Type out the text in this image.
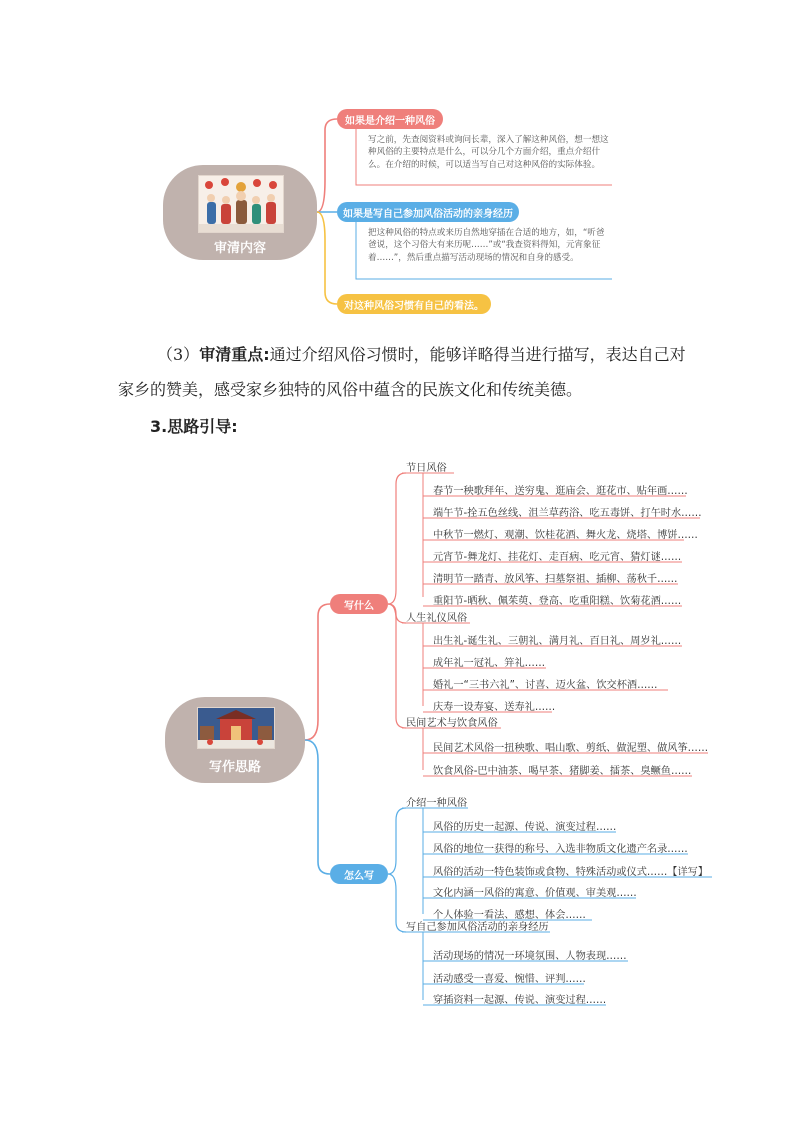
审清内容
如果是介绍一种风俗
写之前，先查阅资料或询问长辈，深入了解这种风俗，想一想这种风俗的主要特点是什么，可以分几个方面介绍，重点介绍什么。在介绍的时候，可以适当写自己对这种风俗的实际体验。
如果是写自己参加风俗活动的亲身经历
把这种风俗的特点或来历自然地穿插在合适的地方，如，“听爸爸说，这个习俗大有来历呢……”或“我查资料得知，元宵象征着……”，然后重点描写活动现场的情况和自身的感受。
对这种风俗习惯有自己的看法。
（3）审清重点:通过介绍风俗习惯时，能够详略得当进行描写，表达自己对
家乡的赞美，感受家乡独特的风俗中蕴含的民族文化和传统美德。
3.思路引导:
写作思路
写什么
怎么写
节日风俗
春节一秧歌拜年、送穷鬼、逛庙会、逛花市、贴年画……
端午节-拴五色丝线、沮兰草药浴、吃五毒饼、打午时水……
中秋节一燃灯、观潮、饮桂花酒、舞火龙、烧塔、博饼……
元宵节-舞龙灯、挂花灯、走百病、吃元宵、猜灯谜……
清明节一踏青、放风筝、扫墓祭祖、插柳、荡秋千……
重阳节-晒秋、佩茱萸、登高、吃重阳糕、饮菊花酒……
人生礼仪风俗
出生礼-诞生礼、三朝礼、满月礼、百日礼、周岁礼……
成年礼一冠礼、笄礼……
婚礼一“三书六礼”、讨喜、迈火盆、饮交杯酒……
庆寿一设寿宴、送寿礼……
民间艺术与饮食风俗
民间艺术风俗一扭秧歌、唱山歌、剪纸、做泥塑、做风筝……
饮食风俗-巴中油茶、喝早茶、猪脚姜、擂茶、臭鳜鱼……
介绍一种风俗
风俗的历史一起源、传说、演变过程……
风俗的地位一获得的称号、入选非物质文化遗产名录……
风俗的活动一特色装饰或食物、特殊活动或仪式……【详写】
文化内涵一风俗的寓意、价值观、审美观……
个人体验一看法、感想、体会……
写自己参加风俗活动的亲身经历
活动现场的情况一环境氛围、人物表现……
活动感受一喜爱、惋惜、评判……
穿插资料一起源、传说、演变过程……
